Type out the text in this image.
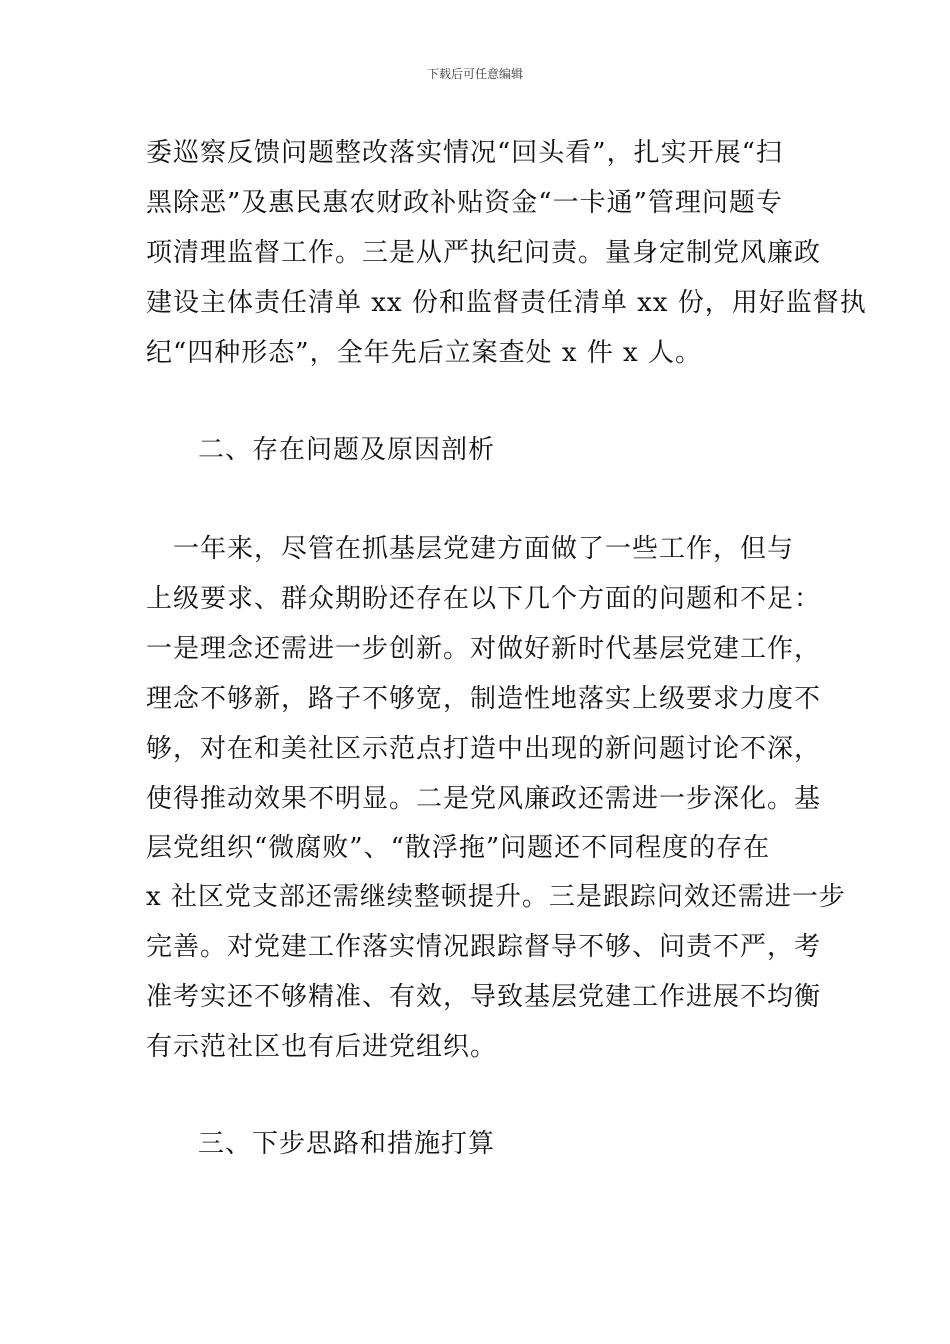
下载后可任意编辑
委巡察反馈问题整改落实情况“回头看”，扎实开展“扫
黑除恶”及惠民惠农财政补贴资金“一卡通”管理问题专
项清理监督工作。三是从严执纪问责。量身定制党风廉政
建设主体责任清单 xx 份和监督责任清单 xx 份，用好监督执
纪“四种形态”，全年先后立案查处 x 件 x 人。
二、存在问题及原因剖析
　一年来，尽管在抓基层党建方面做了一些工作，但与
上级要求、群众期盼还存在以下几个方面的问题和不足：
一是理念还需进一步创新。对做好新时代基层党建工作，
理念不够新，路子不够宽，制造性地落实上级要求力度不
够，对在和美社区示范点打造中出现的新问题讨论不深，
使得推动效果不明显。二是党风廉政还需进一步深化。基
层党组织“微腐败”、“散浮拖”问题还不同程度的存在
x 社区党支部还需继续整顿提升。三是跟踪问效还需进一步
完善。对党建工作落实情况跟踪督导不够、问责不严，考
准考实还不够精准、有效，导致基层党建工作进展不均衡
有示范社区也有后进党组织。
三、下步思路和措施打算
